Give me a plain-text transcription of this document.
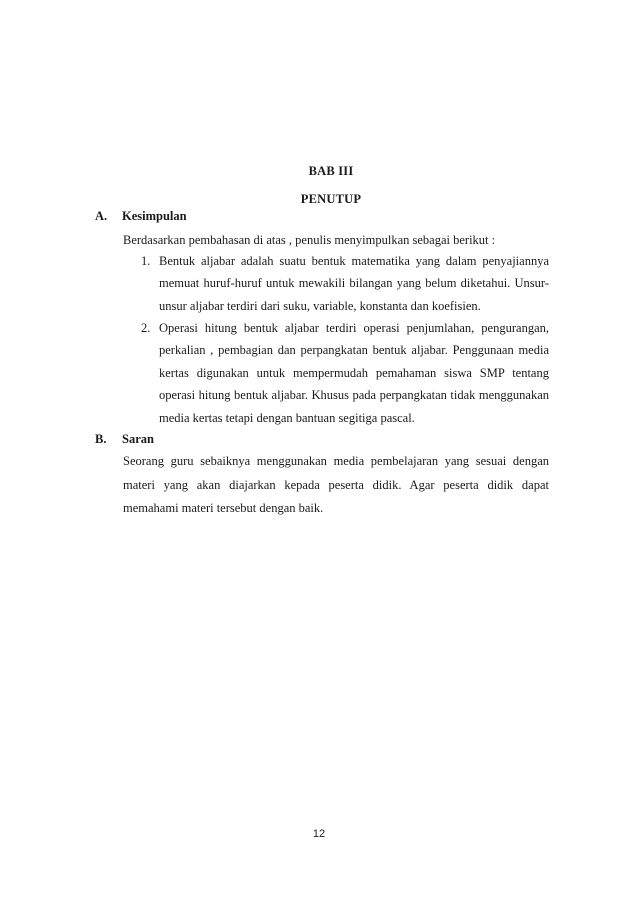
BAB III
PENUTUP
A. Kesimpulan
Berdasarkan pembahasan di atas , penulis menyimpulkan sebagai berikut :
1. Bentuk aljabar adalah suatu bentuk matematika yang dalam penyajiannya memuat huruf-huruf untuk mewakili bilangan yang belum diketahui. Unsur-unsur aljabar terdiri dari suku, variable, konstanta dan koefisien.
2. Operasi hitung bentuk aljabar terdiri operasi penjumlahan, pengurangan, perkalian , pembagian dan perpangkatan bentuk aljabar. Penggunaan media kertas digunakan untuk mempermudah pemahaman siswa SMP tentang operasi hitung bentuk aljabar. Khusus pada perpangkatan tidak menggunakan media kertas tetapi dengan bantuan segitiga pascal.
B. Saran
Seorang guru sebaiknya menggunakan media pembelajaran yang sesuai dengan materi yang akan diajarkan kepada peserta didik. Agar peserta didik dapat memahami materi tersebut dengan baik.
12
